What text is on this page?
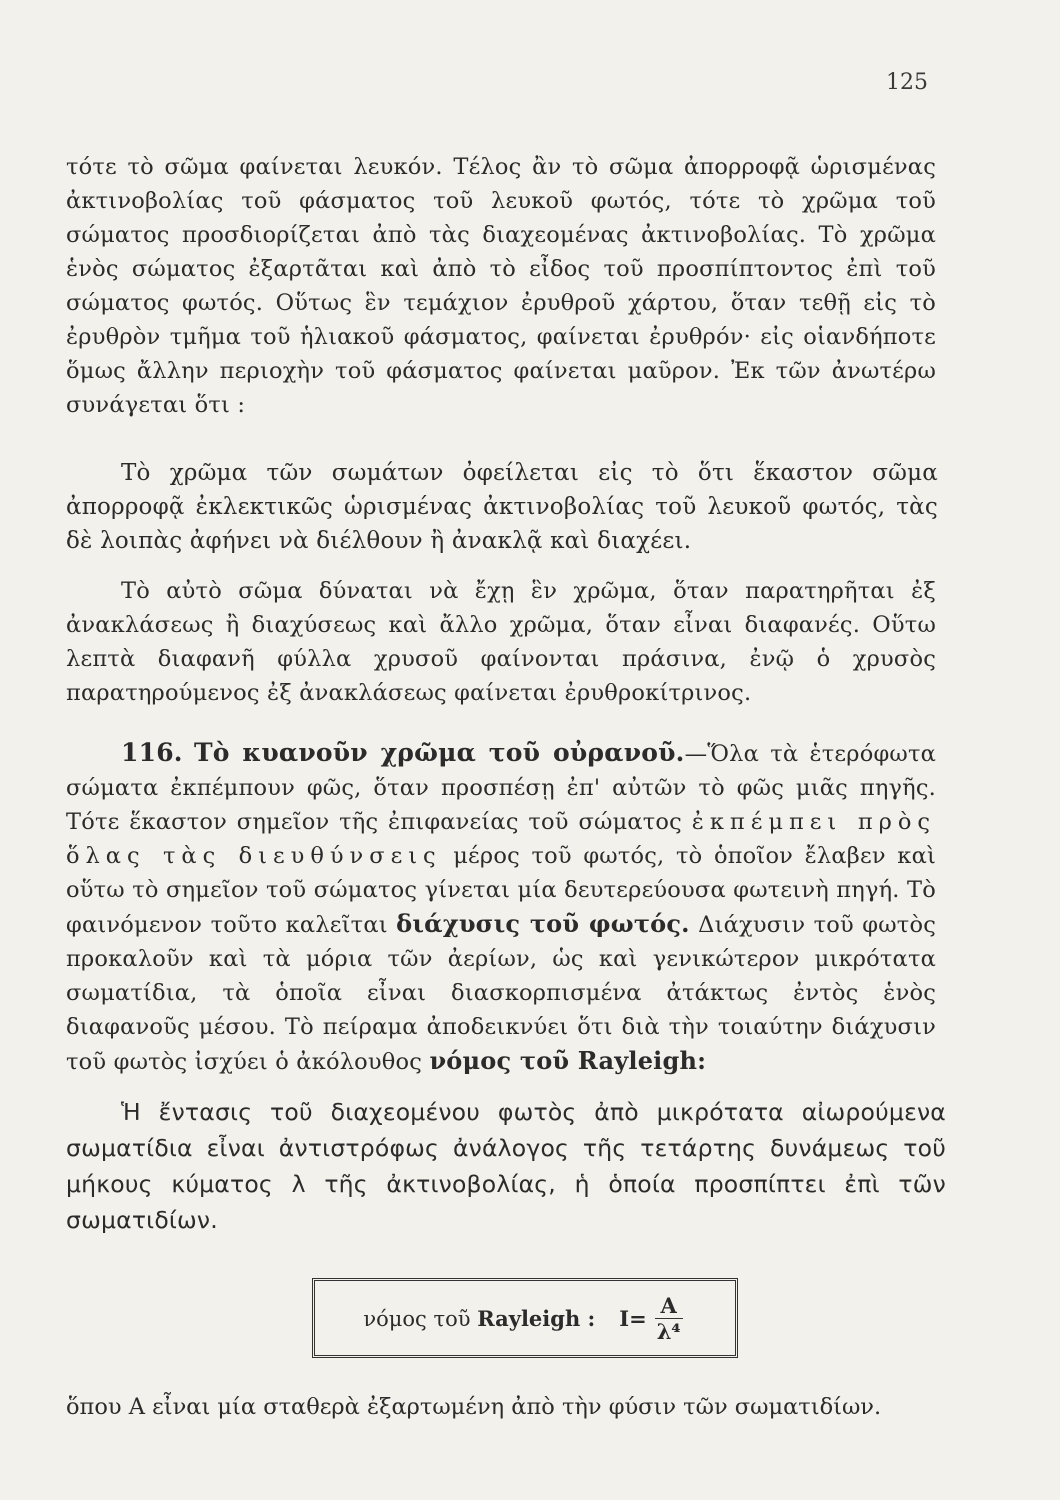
125

τότε τὸ σῶμα φαίνεται λευκόν. Τέλος ἂν τὸ σῶμα ἀπορροφᾷ ὡρισμένας ἀκτινοβολίας τοῦ φάσματος τοῦ λευκοῦ φωτός, τότε τὸ χρῶμα τοῦ σώματος προσδιορίζεται ἀπὸ τὰς διαχεομένας ἀκτινοβολίας. Τὸ χρῶμα ἑνὸς σώματος ἐξαρτᾶται καὶ ἀπὸ τὸ εἶδος τοῦ προσπίπτοντος ἐπὶ τοῦ σώματος φωτός. Οὕτως ἓν τεμάχιον ἐρυθροῦ χάρτου, ὅταν τεθῇ εἰς τὸ ἐρυθρὸν τμῆμα τοῦ ἡλιακοῦ φάσματος, φαίνεται ἐρυθρόν· εἰς οἱανδήποτε ὅμως ἄλλην περιοχὴν τοῦ φάσματος φαίνεται μαῦρον. Ἐκ τῶν ἀνωτέρω συνάγεται ὅτι :

Τὸ χρῶμα τῶν σωμάτων ὀφείλεται εἰς τὸ ὅτι ἕκαστον σῶμα ἀπορροφᾷ ἐκλεκτικῶς ὡρισμένας ἀκτινοβολίας τοῦ λευκοῦ φωτός, τὰς δὲ λοιπὰς ἀφήνει νὰ διέλθουν ἢ ἀνακλᾷ καὶ διαχέει.

Τὸ αὐτὸ σῶμα δύναται νὰ ἔχῃ ἓν χρῶμα, ὅταν παρατηρῆται ἐξ ἀνακλάσεως ἢ διαχύσεως καὶ ἄλλο χρῶμα, ὅταν εἶναι διαφανές. Οὕτω λεπτὰ διαφανῆ φύλλα χρυσοῦ φαίνονται πράσινα, ἐνῷ ὁ χρυσὸς παρατηρούμενος ἐξ ἀνακλάσεως φαίνεται ἐρυθροκίτρινος.

116. Τὸ κυανοῦν χρῶμα τοῦ οὐρανοῦ.—Ὅλα τὰ ἑτερόφωτα σώματα ἐκπέμπουν φῶς, ὅταν προσπέσῃ ἐπ' αὐτῶν τὸ φῶς μιᾶς πηγῆς. Τότε ἕκαστον σημεῖον τῆς ἐπιφανείας τοῦ σώματος ἐκπέμπει πρὸς ὅλας τὰς διευθύνσεις μέρος τοῦ φωτός, τὸ ὁποῖον ἔλαβεν καὶ οὕτω τὸ σημεῖον τοῦ σώματος γίνεται μία δευτερεύουσα φωτεινὴ πηγή. Τὸ φαινόμενον τοῦτο καλεῖται διάχυσις τοῦ φωτός. Διάχυσιν τοῦ φωτὸς προκαλοῦν καὶ τὰ μόρια τῶν ἀερίων, ὡς καὶ γενικώτερον μικρότατα σωματίδια, τὰ ὁποῖα εἶναι διασκορπισμένα ἀτάκτως ἐντὸς ἑνὸς διαφανοῦς μέσου. Τὸ πείραμα ἀποδεικνύει ὅτι διὰ τὴν τοιαύτην διάχυσιν τοῦ φωτὸς ἰσχύει ὁ ἀκόλουθος νόμος τοῦ Rayleigh:

Ἡ ἔντασις τοῦ διαχεομένου φωτὸς ἀπὸ μικρότατα αἰωρούμενα σωματίδια εἶναι ἀντιστρόφως ἀνάλογος τῆς τετάρτης δυνάμεως τοῦ μήκους κύματος λ τῆς ἀκτινοβολίας, ἡ ὁποία προσπίπτει ἐπὶ τῶν σωματιδίων.

νόμος τοῦ Rayleigh : $I= \frac{A}{\text{λ⁴}}$
ὅπου A εἶναι μία σταθερὰ ἐξαρτωμένη ἀπὸ τὴν φύσιν τῶν σωματιδίων.
